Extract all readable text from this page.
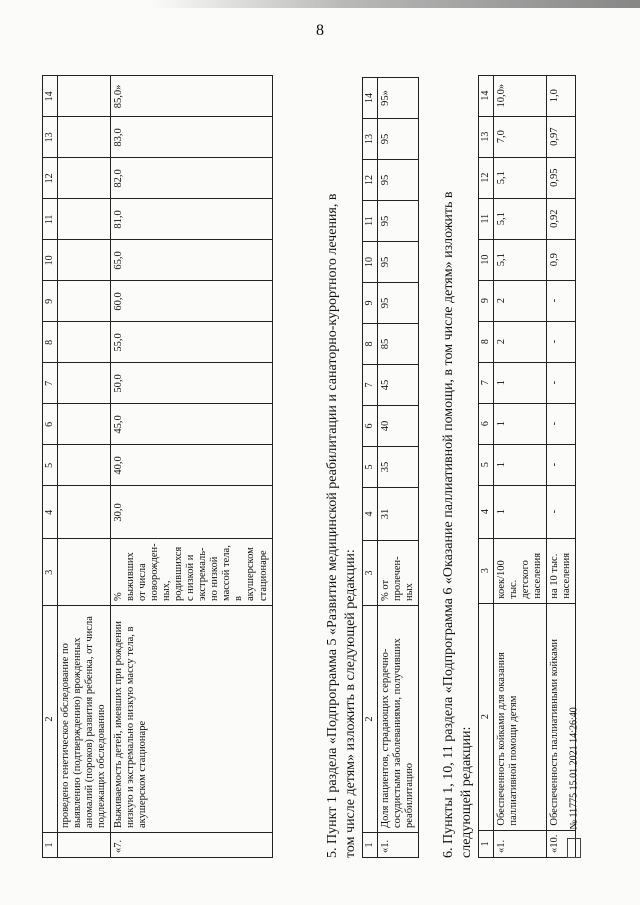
8
1	2	3	4	5	6	7	8	9	10	11	12	13	14
	проведено генетическое обследование по выявлению (подтверждению) врожденных аномалий (пороков) развития ребенка, от числа подлежащих обследованию												
«7.	Выживаемость детей, имевших при рождении низкую и экстремально низкую массу тела, в акушерском стационаре	% выживших от числа новорожден-ных, родившихся с низкой и экстремаль-но низкой массой тела, в акушерском стационаре	30,0	40,0	45,0	50,0	55,0	60,0	65,0	81,0	82,0	83,0	85,0»
5. Пункт 1 раздела «Подпрограмма 5 «Развитие медицинской реабилитации и санаторно-курортного лечения, в том числе детям» изложить в следующей редакции: 1	2	3	4	5	6	7	8	9	10	11	12	13	14
«1.	Доля пациентов, страдающих сердечно-сосудистыми заболеваниями, получивших реабилитацию	% от пролечен-ных	31	35	40	45	85	95	95	95	95	95	95»
6. Пункты 1, 10, 11 раздела «Подпрограмма 6 «Оказание паллиативной помощи, в том числе детям» изложить в следующей редакции: 1	2	3	4	5	6	7	8	9	10	11	12	13	14
«1.	Обеспеченность койками для оказания паллиативной помощи детям	коек/100 тыс. детского населения	1	1	1	1	2	2	5,1	5,1	5,1	7,0	10,0»
«10.	Обеспеченность паллиативными койками	на 10 тыс. населения	-	-	-	-	-	-	0,9	0,92	0,95	0,97	1,0
№ 11775 15.01.2021 14:26:40
